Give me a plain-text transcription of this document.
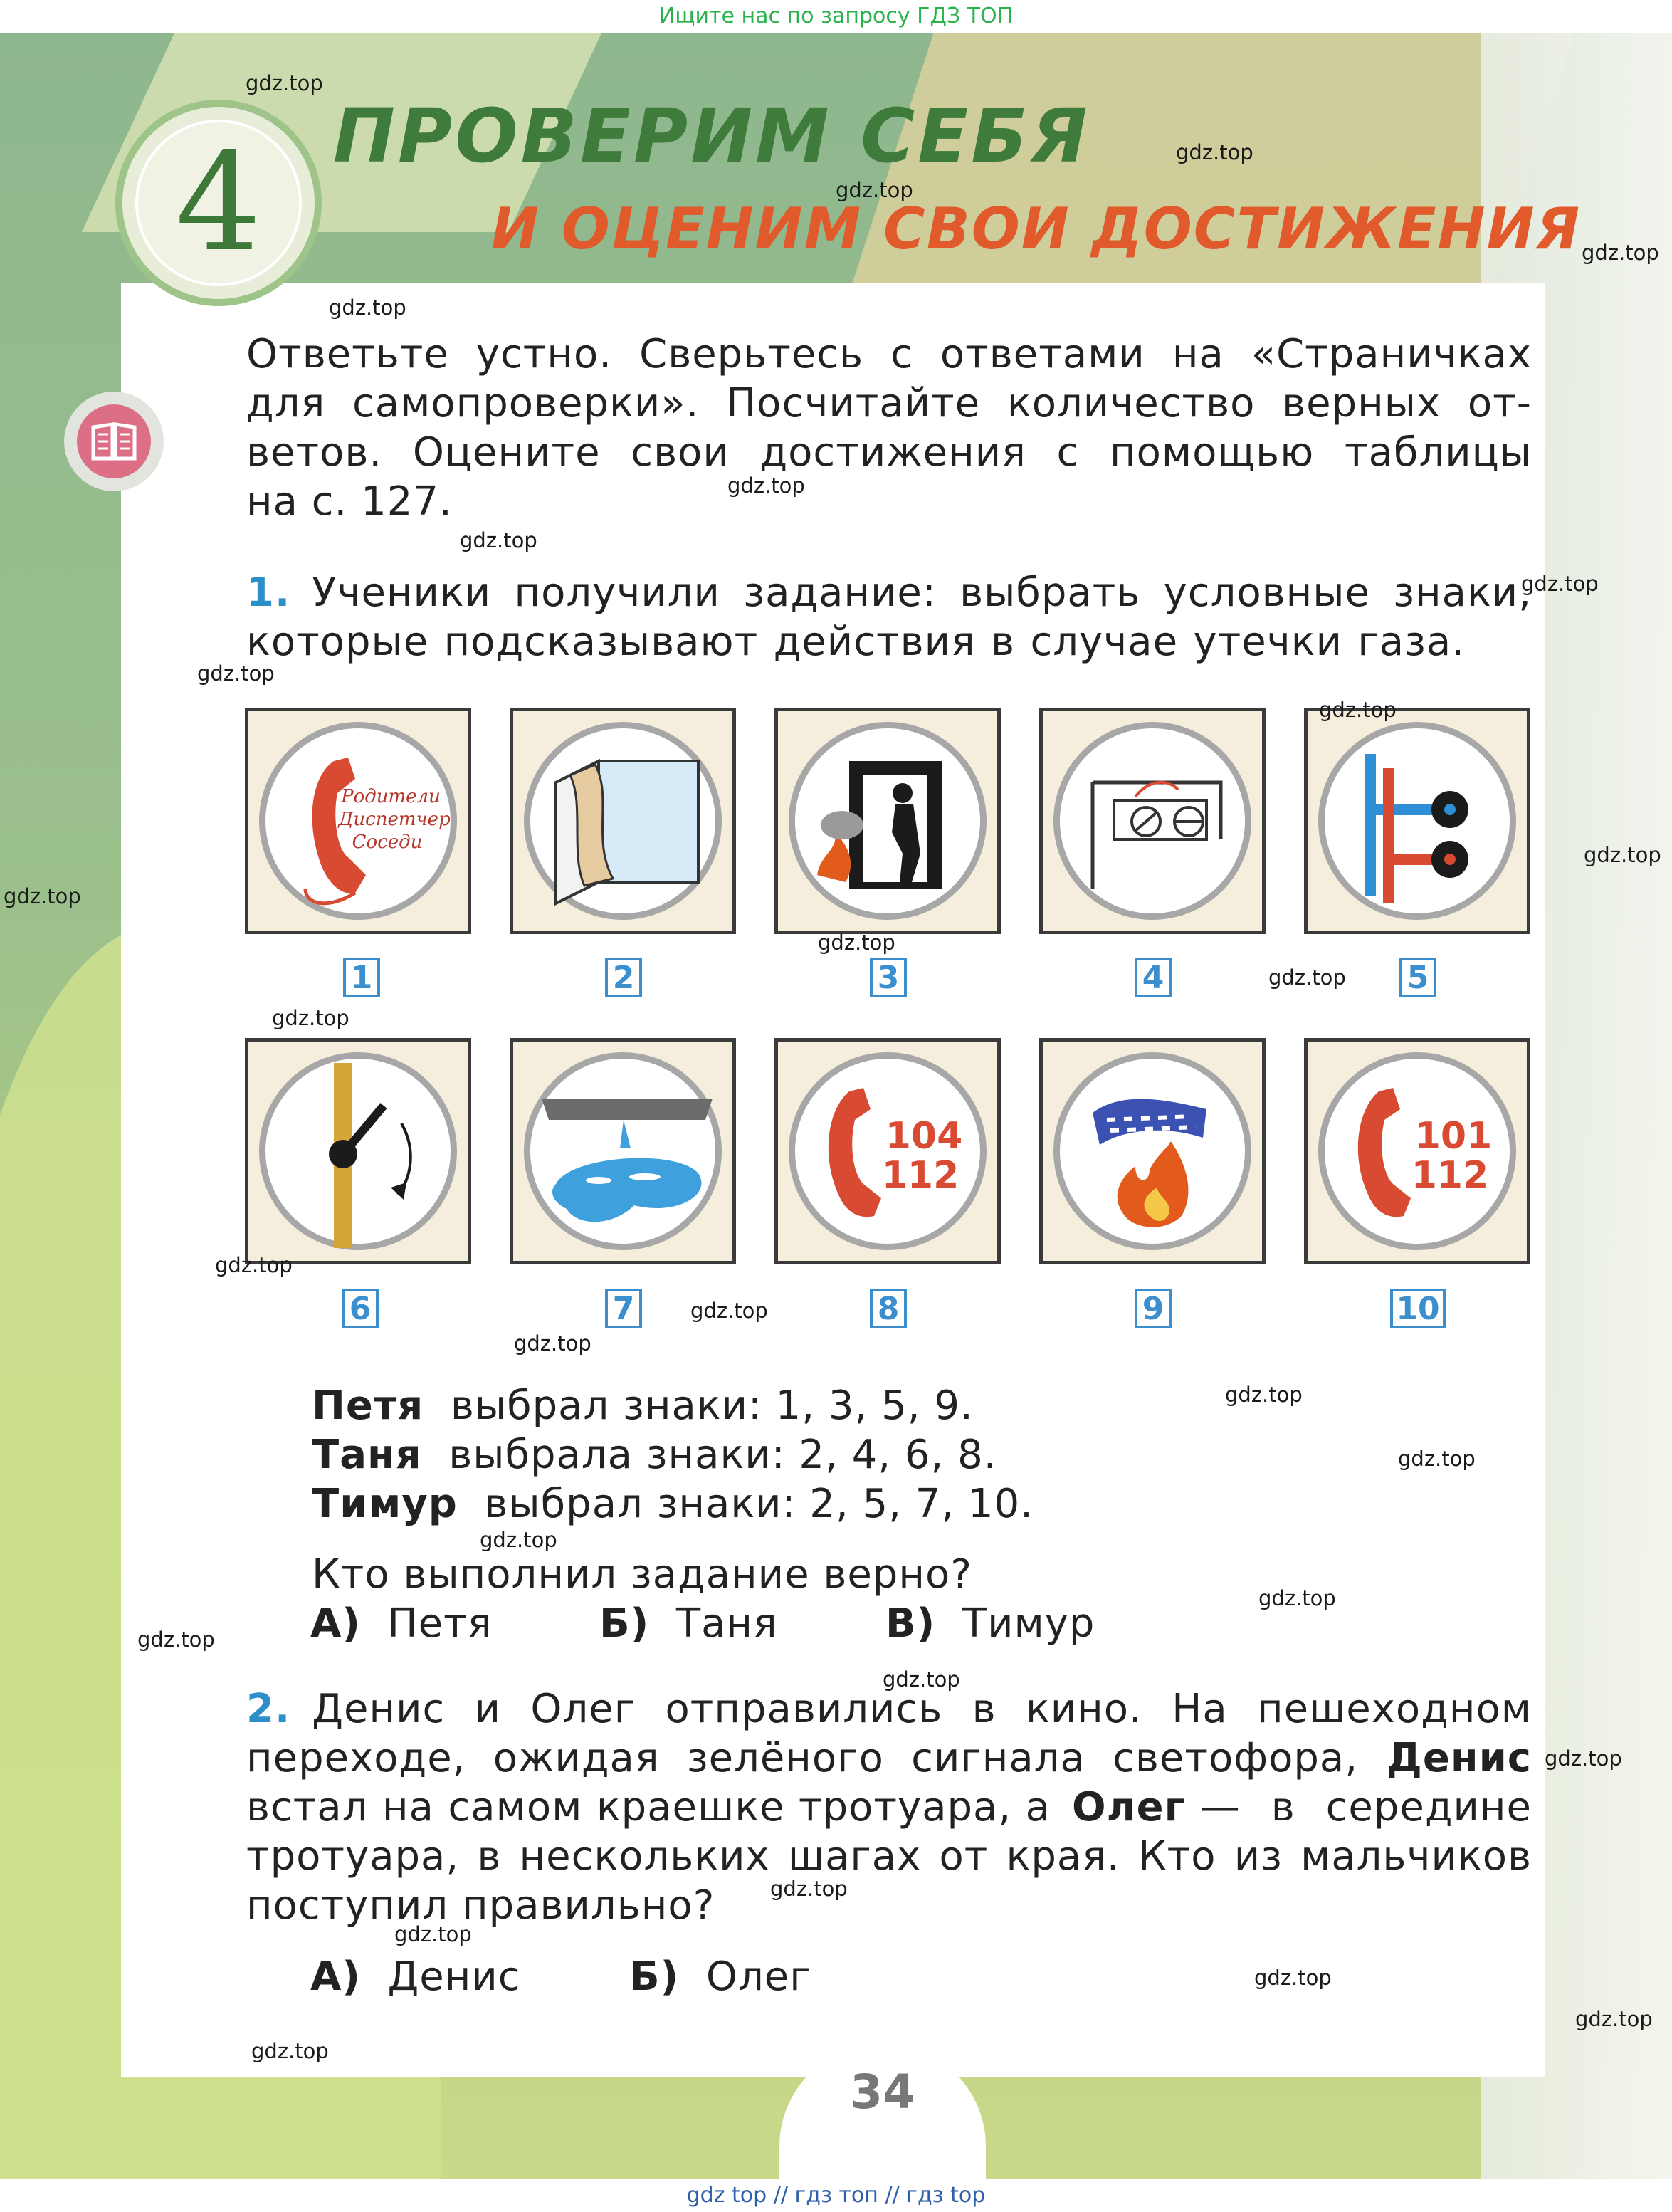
Ищите нас по запросу ГДЗ ТОП
34
4 ПРОВЕРИМ СЕБЯ
И ОЦЕНИМ СВОИ ДОСТИЖЕНИЯ
Ответьте устно. Сверьтесь с ответами на «Страничках
для самопроверки». Посчитайте количество верных от-
ветов. Оцените свои достижения с помощью таблицы
на с. 127.
1. Ученики получили задание: выбрать условные знаки,
которые подсказывают действия в случае утечки газа.
Родители
Диспетчер
Соседи
1	2	3	4	5
104
112
101
112
6	7	8	9	10
Петя выбрал знаки: 1, 3, 5, 9.
Таня выбрала знаки: 2, 4, 6, 8.
Тимур выбрал знаки: 2, 5, 7, 10.
Кто выполнил задание верно?
А) Петя	Б) Таня	В) Тимур
2. Денис и Олег отправились в кино. На пешеходном
переходе, ожидая зелёного сигнала светофора, Денис
встал на самом краешке тротуара, а Олег — в середине
тротуара, в нескольких шагах от края. Кто из мальчиков
поступил правильно?
А) Денис	Б) Олег
gdz.top
gdz.top
gdz.top
gdz.top
gdz.top
gdz.top
gdz.top
gdz.top
gdz.top
gdz.top
gdz.top
gdz.top
gdz.top
gdz.top
gdz.top
gdz.top
gdz.top
gdz.top
gdz.top
gdz.top
gdz.top
gdz.top
gdz.top
gdz.top
gdz.top
gdz.top
gdz.top
gdz.top
gdz.top
gdz.top
gdz top // гдз топ // гдз top
